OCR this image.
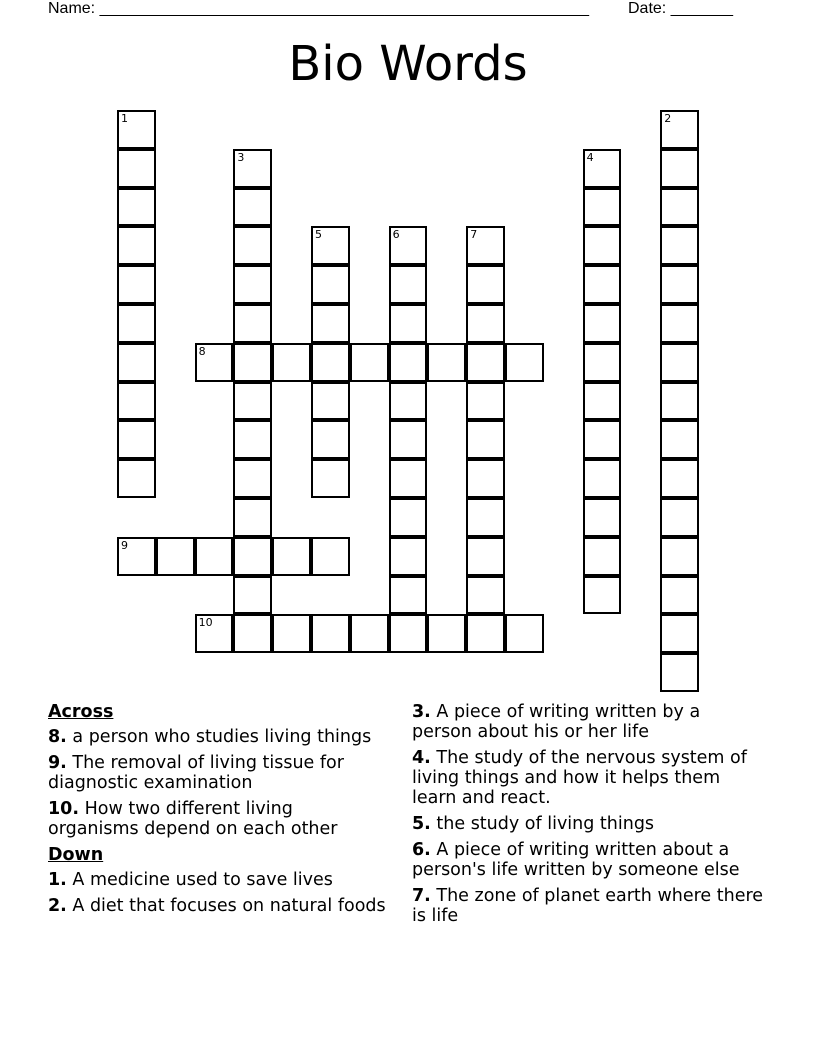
Name: _______________________________________________________ Date: _______
Bio Words
1	2
3	4
5	6	7
8
9
10
Across
8. a person who studies living things
9. The removal of living tissue for diagnostic examination
10. How two different living organisms depend on each other
Down
1. A medicine used to save lives
2. A diet that focuses on natural foods
3. A piece of writing written by a person about his or her life
4. The study of the nervous system of living things and how it helps them learn and react.
5. the study of living things
6. A piece of writing written about a person's life written by someone else
7. The zone of planet earth where there is life
